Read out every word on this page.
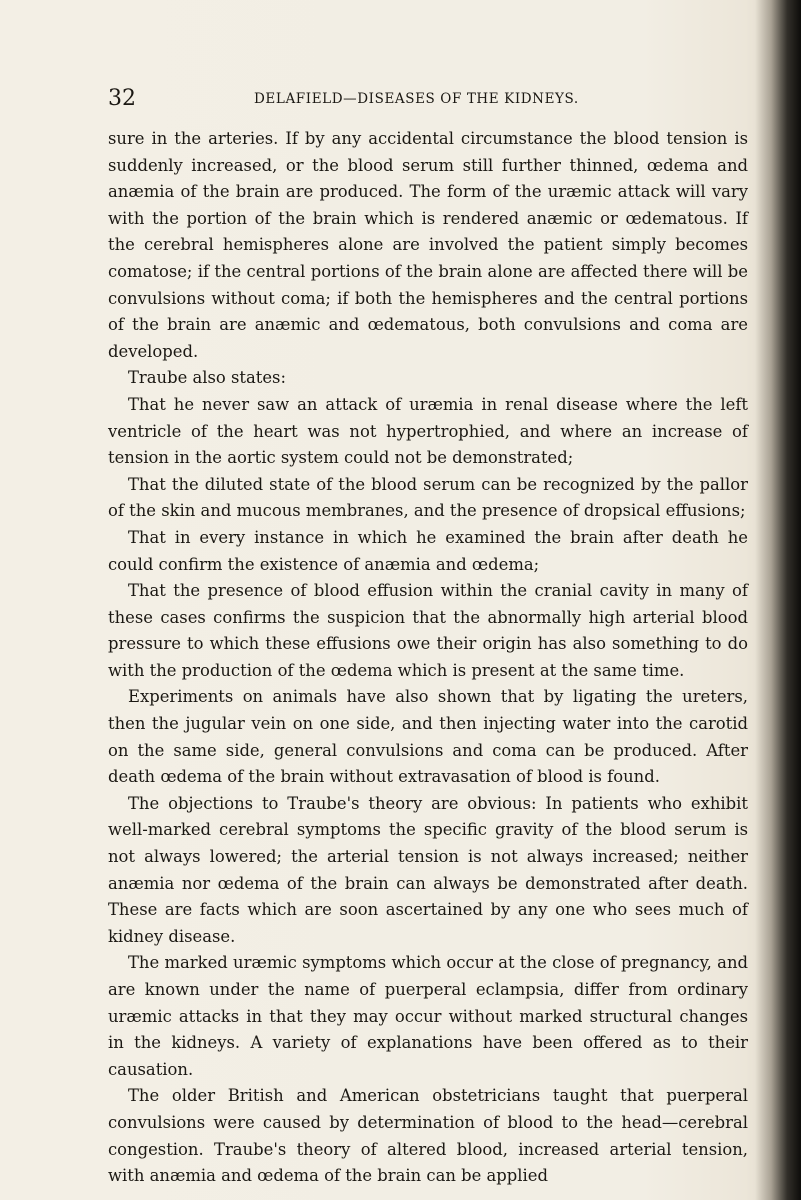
32	DELAFIELD—DISEASES OF THE KIDNEYS.

sure in the arteries. If by any accidental circumstance the blood tension is suddenly increased, or the blood serum still further thinned, œdema and anæmia of the brain are produced. The form of the uræmic attack will vary with the portion of the brain which is rendered anæmic or œdematous. If the cerebral hemispheres alone are involved the patient simply becomes comatose; if the central portions of the brain alone are affected there will be convulsions without coma; if both the hemispheres and the central portions of the brain are anæmic and œdematous, both convulsions and coma are developed.

Traube also states:

That he never saw an attack of uræmia in renal disease where the left ventricle of the heart was not hypertrophied, and where an increase of tension in the aortic system could not be demonstrated;

That the diluted state of the blood serum can be recognized by the pallor of the skin and mucous membranes, and the presence of dropsical effusions;

That in every instance in which he examined the brain after death he could confirm the existence of anæmia and œdema;

That the presence of blood effusion within the cranial cavity in many of these cases confirms the suspicion that the abnormally high arterial blood pressure to which these effusions owe their origin has also something to do with the production of the œdema which is present at the same time.

Experiments on animals have also shown that by ligating the ureters, then the jugular vein on one side, and then injecting water into the carotid on the same side, general convulsions and coma can be produced. After death œdema of the brain without extravasation of blood is found.

The objections to Traube's theory are obvious: In patients who exhibit well-marked cerebral symptoms the specific gravity of the blood serum is not always lowered; the arterial tension is not always increased; neither anæmia nor œdema of the brain can always be demonstrated after death. These are facts which are soon ascertained by any one who sees much of kidney disease.

The marked uræmic symptoms which occur at the close of pregnancy, and are known under the name of puerperal eclampsia, differ from ordinary uræmic attacks in that they may occur without marked structural changes in the kidneys. A variety of explanations have been offered as to their causation.

The older British and American obstetricians taught that puerperal convulsions were caused by determination of blood to the head—cerebral congestion. Traube's theory of altered blood, increased arterial tension, with anæmia and œdema of the brain can be applied
